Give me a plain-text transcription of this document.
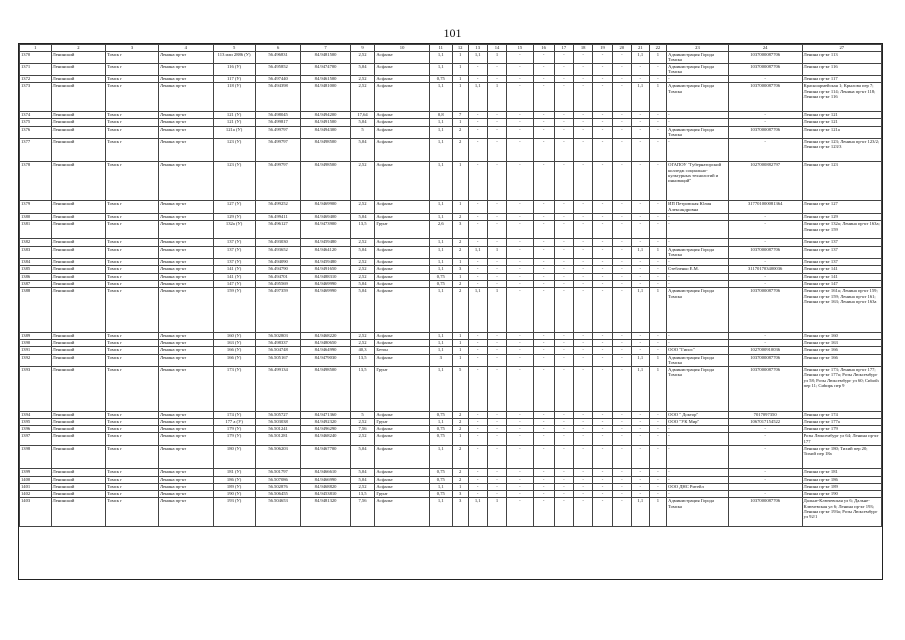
101
1	2	3	4	5	6	7	9	10	11	12	13	14	15	16	17	18	19	20	21	22	23	24	27
1370	Ленинский	Томск г	Ленина пр-кт	113 или 2886 (У)	56.496831	84.9481500	2,52	Асфальт	1,1	1	1,1	1	-	-	-	-	-	-	1,1	1	Администрация Города Томска	1037000087706	Ленина пр-кт 113
1371	Ленинский	Томск г	Ленина пр-кт	116 (У)	56.495852	84.9474700	5,04	Асфальт	1,1	1	-	-	-	-	-	-	-	-	-	-	Администрация Города Томска	1037000087706	Ленина пр-кт 116
1372	Ленинский	Томск г	Ленина пр-кт	117 (У)	56.497440	84.9461500	2,52	Асфальт	0,75	1	-	-	-	-	-	-	-	-	-	-	-	-	Ленина пр-кт 117
1373	Ленинский	Томск г	Ленина пр-кт	118 (У)	56.494398	84.9481000	2,52	Асфальт	1,1	1	1,1	1	-	-	-	-	-	-	1,1	1	Администрация Города Томска	1037000087706	Красноармейская 1; Крылова пер 7; Ленина пр-кт 114; Ленина пр-кт 118; Ленина пр-кт 116
1374	Ленинский	Томск г	Ленина пр-кт	121 (У)	56.498045	84.9494200	17,64	Асфальт	0,8	7	-	-	-	-	-	-	-	-	-	-	-	-	Ленина пр-кт 121
1375	Ленинский	Томск г	Ленина пр-кт	121 (У)	56.499817	84.9491500	5,04	Асфальт	1,1	1	-	-	-	-	-	-	-	-	-	-	-	-	Ленина пр-кт 121
1376	Ленинский	Томск г	Ленина пр-кт	121а (У)	56.499797	84.9494300	5	Асфальт	1,1	2	-	-	-	-	-	-	-	-	-	-	Администрация Города Томска	1037000087706	Ленина пр-кт 121а
1377	Ленинский	Томск г	Ленина пр-кт	123 (У)	56.499797	84.9498500	5,04	Асфальт	1,1	2	-	-	-	-	-	-	-	-	-	-	-	-	Ленина пр-кт 123; Ленина пр-кт 123/2; Ленина пр-кт 123/3
1378	Ленинский	Томск г	Ленина пр-кт	123 (У)	56.499797	84.9498500	2,52	Асфальт	1,1	1	-	-	-	-	-	-	-	-	-	-	ОГАПОУ "Губернаторский колледж социально-культурных технологий и инноваций"	1027000882797	Ленина пр-кт 123
1379	Ленинский	Томск г	Ленина пр-кт	127 (У)	56.499252	84.9469900	2,52	Асфальт	1,1	1	-	-	-	-	-	-	-	-	-	-	ИП Петровская Юлия Александровна	317701000081364	Ленина пр-кт 127
1380	Ленинский	Томск г	Ленина пр-кт	129 (У)	56.499411	84.9469400	5,04	Асфальт	1,1	2	-	-	-	-	-	-	-	-	-	-	-	-	Ленина пр-кт 129
1381	Ленинский	Томск г	Ленина пр-кт	132а (У)	56.496127	84.9473900	13,5	Грунт	2,6	3	-	-	-	-	-	-	-	-	-	-	-	-	Ленина пр-кт 132а; Ленина пр-кт 163а; Ленина пр-кт 159
1382	Ленинский	Томск г	Ленина пр-кт	137 (У)	56.493030	84.9459480	2,52	Асфальт	1,1	2	-	-	-	-	-	-	-	-	-	-	-	-	Ленина пр-кт 137
1383	Ленинский	Томск г	Ленина пр-кт	137 (У)	56.493652	84.9464120	5,04	Асфальт	1,1	2	1,1	1	-	-	-	-	-	-	1,1	1	Администрация Города Томска	1037000087706	Ленина пр-кт 137
1384	Ленинский	Томск г	Ленина пр-кт	137 (У)	56.494090	84.9459480	2,52	Асфальт	1,1	1	-	-	-	-	-	-	-	-	-	-	-	-	Ленина пр-кт 137
1385	Ленинский	Томск г	Ленина пр-кт	141 (У)	56.494790	84.9491650	2,52	Асфальт	1,1	3	-	-	-	-	-	-	-	-	-	-	Стебленко Е.М.	311701703400036	Ленина пр-кт 141
1386	Ленинский	Томск г	Ленина пр-кт	141 (У)	56.494701	84.9488310	2,52	Асфальт	0,75	1	-	-	-	-	-	-	-	-	-	-	-	-	Ленина пр-кт 141
1387	Ленинский	Томск г	Ленина пр-кт	147 (У)	56.495569	84.9469990	5,04	Асфальт	0,75	2	-	-	-	-	-	-	-	-	-	-	-	-	Ленина пр-кт 147
1388	Ленинский	Томск г	Ленина пр-кт	159 (У)	56.497359	84.9469990	5,04	Асфальт	1,1	2	1,1	1	-	-	-	-	-	-	1,1	1	Администрация Города Томска	1037000087706	Ленина пр-кт 161а; Ленина пр-кт 159; Ленина пр-кт 159; Ленина пр-кт 161; Ленина пр-кт 163; Ленина пр-кт 163а
1389	Ленинский	Томск г	Ленина пр-кт	160 (У)	56.502803	84.9468220	2,52	Асфальт	1,1	1	-	-	-	-	-	-	-	-	-	-	-	-	Ленина пр-кт 160
1390	Ленинский	Томск г	Ленина пр-кт	163 (У)	56.498337	84.9480650	2,52	Асфальт	1,1	1	-	-	-	-	-	-	-	-	-	-	-	-	Ленина пр-кт 163
1391	Ленинский	Томск г	Ленина пр-кт	166 (У)	56.504748	84.9464990	40,3	Бетон	1,1	1	-	-	-	-	-	-	-	-	-	-	ООО "Гипос"	1027000910036	Ленина пр-кт 166
1392	Ленинский	Томск г	Ленина пр-кт	166 (У)	56.505167	84.9479030	13,5	Асфальт	3	1	-	-	-	-	-	-	-	-	1,1	1	Администрация Города Томска	1037000087706	Ленина пр-кт 166
1393	Ленинский	Томск г	Ленина пр-кт	173 (У)	56.499134	84.9498500	13,5	Грунт	1,1	5	-	-	-	-	-	-	-	-	1,1	1	Администрация Города Томска	1037000087706	Ленина пр-кт 173; Ленина пр-кт 177; Ленина пр-кт 177а; Розы Люксембург ул 58; Розы Люксембург ул 60; Сиboth пер 11; Сиbирь пер 9
1394	Ленинский	Томск г	Ленина пр-кт	174 (У)	56.505727	84.9471360	5	Асфальт	0,75	2	-	-	-	-	-	-	-	-	-	-	ООО " Доктор"	7017097350	Ленина пр-кт 174
1395	Ленинский	Томск г	Ленина пр-кт	177 а (У)	56.503038	84.9492320	2,52	Грунт	1,1	2	-	-	-	-	-	-	-	-	-	-	ООО "УК Мир"	1067017154522	Ленина пр-кт 177а
1396	Ленинский	Томск г	Ленина пр-кт	179 (У)	56.501241	84.9496290	7,56	Асфальт	0,75	2	-	-	-	-	-	-	-	-	-	-	-	-	Ленина пр-кт 179
1397	Ленинский	Томск г	Ленина пр-кт	179 (У)	56.501281	84.9468240	2,52	Асфальт	0,75	1	-	-	-	-	-	-	-	-	-	-	-	-	Розы Люксембург ул 64; Ленина пр-кт 177
1398	Ленинский	Томск г	Ленина пр-кт	180 (У)	56.506203	84.9467700	5,04	Асфальт	1,1	2	-	-	-	-	-	-	-	-	-	-	-	-	Ленина пр-кт 180; Тихий пер 20; Тихий пер 18а
1399	Ленинский	Томск г	Ленина пр-кт	181 (У)	56.501797	84.9466610	5,04	Асфальт	0,75	2	-	-	-	-	-	-	-	-	-	-	-	-	Ленина пр-кт 181
1400	Ленинский	Томск г	Ленина пр-кт	186 (У)	56.507086	84.9466990	5,04	Асфальт	0,75	2	-	-	-	-	-	-	-	-	-	-	-	-	Ленина пр-кт 186
1401	Ленинский	Томск г	Ленина пр-кт	189 (У)	56.502876	84.9468820	2,52	Асфальт	1,1	1	-	-	-	-	-	-	-	-	-	-	ООО ДНС Ритейл		Ленина пр-кт 189
1402	Ленинский	Томск г	Ленина пр-кт	190 (У)	56.506455	84.9453810	13,5	Грунт	0,75	3	-	-	-	-	-	-	-	-	-	-	-	-	Ленина пр-кт 190
1403	Ленинский	Томск г	Ленина пр-кт	193 (У)	56.504653	84.9481320	7,56	Асфальт	1,1	3	1,1	1	-	-	-	-	-	-	1,1	1	Администрация Города Томска	1037000087706	Дальне-Ключевская ул 6; Дальне-Ключевская ул 6; Ленина пр-кт 193; Ленина пр-кт 193а; Розы Люксембург ул 92/1
